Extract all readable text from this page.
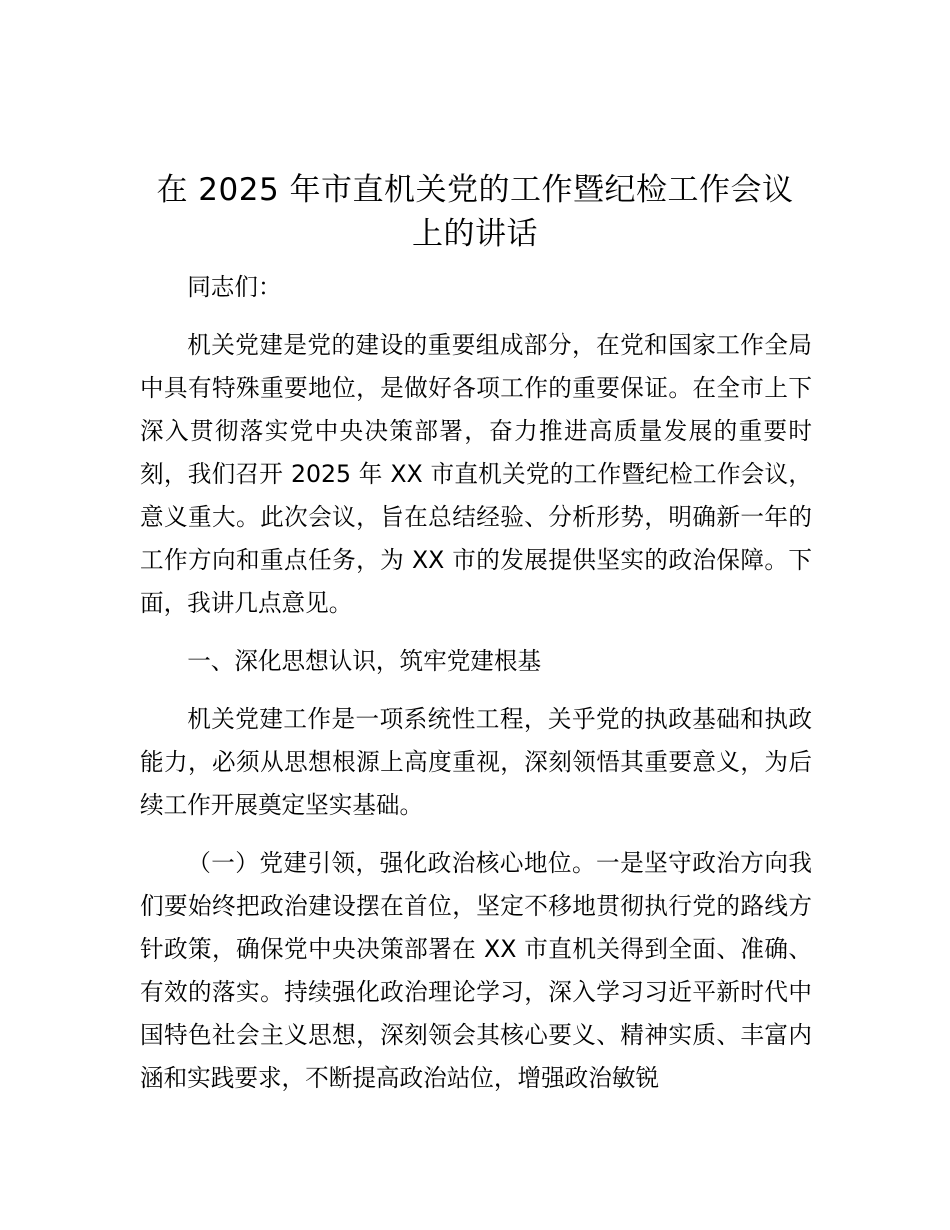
在 2025 年市直机关党的工作暨纪检工作会议
上的讲话

同志们：

机关党建是党的建设的重要组成部分，在党和国家工作全局中具有特殊重要地位，是做好各项工作的重要保证。在全市上下深入贯彻落实党中央决策部署，奋力推进高质量发展的重要时刻，我们召开 2025 年 XX 市直机关党的工作暨纪检工作会议，意义重大。此次会议，旨在总结经验、分析形势，明确新一年的工作方向和重点任务，为 XX 市的发展提供坚实的政治保障。下面，我讲几点意见。

一、深化思想认识，筑牢党建根基

机关党建工作是一项系统性工程，关乎党的执政基础和执政能力，必须从思想根源上高度重视，深刻领悟其重要意义，为后续工作开展奠定坚实基础。

（一）党建引领，强化政治核心地位。一是坚守政治方向我们要始终把政治建设摆在首位，坚定不移地贯彻执行党的路线方针政策，确保党中央决策部署在 XX 市直机关得到全面、准确、有效的落实。持续强化政治理论学习，深入学习习近平新时代中国特色社会主义思想，深刻领会其核心要义、精神实质、丰富内涵和实践要求，不断提高政治站位，增强政治敏锐
